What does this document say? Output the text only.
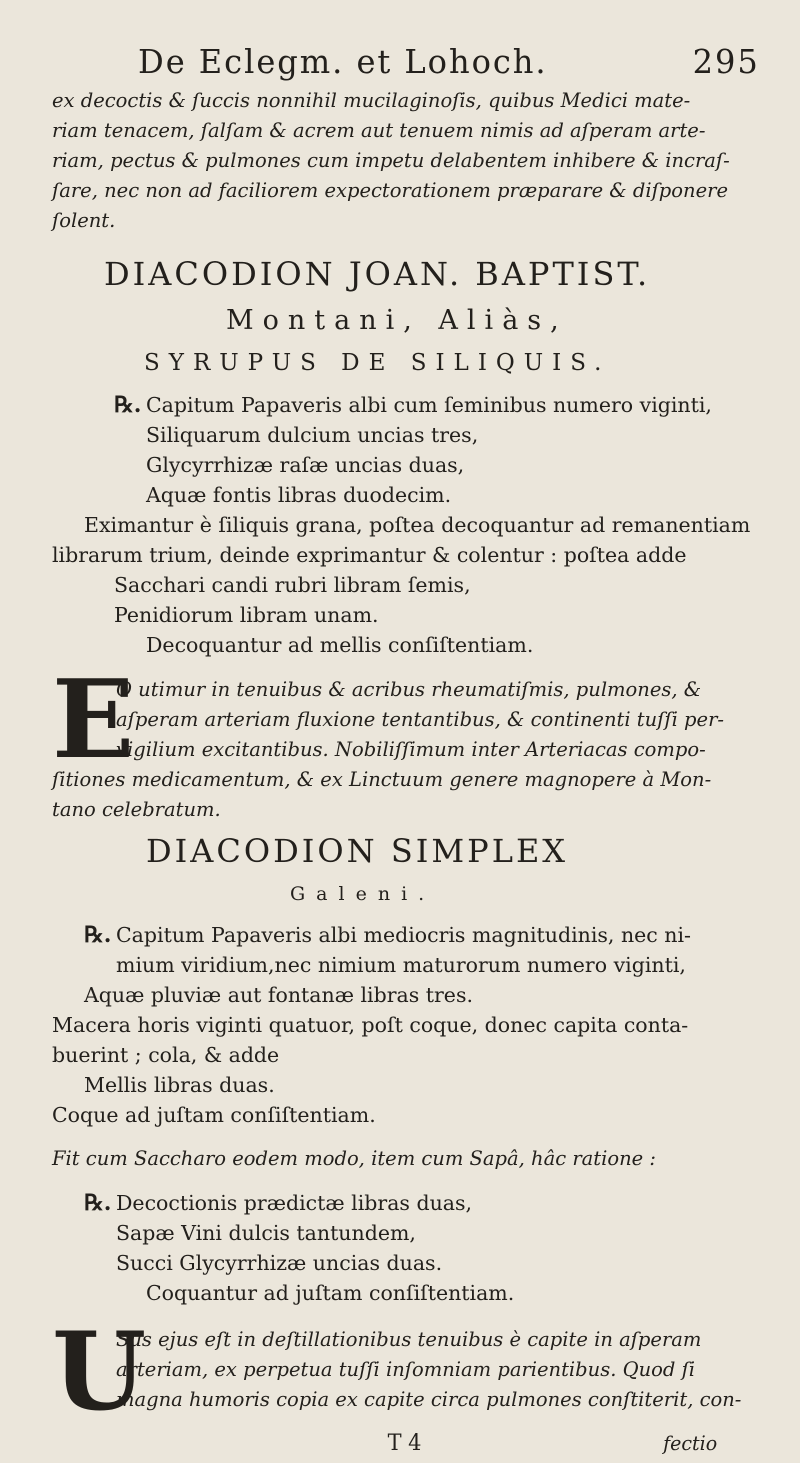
De Eclegm. et Lohoch.	295
ex decoctis & ſuccis nonnihil mucilaginoſis, quibus Medici mate-
riam tenacem, ſalſam & acrem aut tenuem nimis ad aſperam arte-
riam, pectus & pulmones cum impetu delabentem inhibere & incraſ-
ſare, nec non ad faciliorem expectorationem præparare & diſponere
ſolent.
DIACODION JOAN. BAPTIST.
Montani, Aliàs,
SYRUPUS DE SILIQUIS.
℞. Capitum Papaveris albi cum ſeminibus numero viginti,
Siliquarum dulcium uncias tres,
Glycyrrhizæ raſæ uncias duas,
Aquæ fontis libras duodecim.
Eximantur è ſiliquis grana, poſtea decoquantur ad remanentiam
librarum trium, deinde exprimantur & colentur : poſtea adde
Sacchari candi rubri libram ſemis,
Penidiorum libram unam.
Decoquantur ad mellis conſiſtentiam.
E
O utimur in tenuibus & acribus rheumatiſmis, pulmones, &
aſperam arteriam fluxione tentantibus, & continenti tuſſi per-
vigilium excitantibus. Nobiliſſimum inter Arteriacas compo-
ſitiones medicamentum, & ex Linctuum genere magnopere à Mon-
tano celebratum.
DIACODION SIMPLEX
Galeni.
℞. Capitum Papaveris albi mediocris magnitudinis, nec ni-
mium viridium,nec nimium maturorum numero viginti,
Aquæ pluviæ aut fontanæ libras tres.
Macera horis viginti quatuor, poſt coque, donec capita contа-
buerint ; cola, & adde
Mellis libras duas.
Coque ad juſtam conſiſtentiam.
Fit cum Saccharo eodem modo, item cum Sapâ, hâc ratione :
℞. Decoctionis prædictæ libras duas,
Sapæ Vini dulcis tantundem,
Succi Glycyrrhizæ uncias duas.
Coquantur ad juſtam conſiſtentiam.
U
Sus ejus eſt in deſtillationibus tenuibus è capite in aſperam
arteriam, ex perpetua tuſſi inſomniam parientibus. Quod ſi
magna humoris copia ex capite circa pulmones conſtiterit, con-
T 4	fectio
